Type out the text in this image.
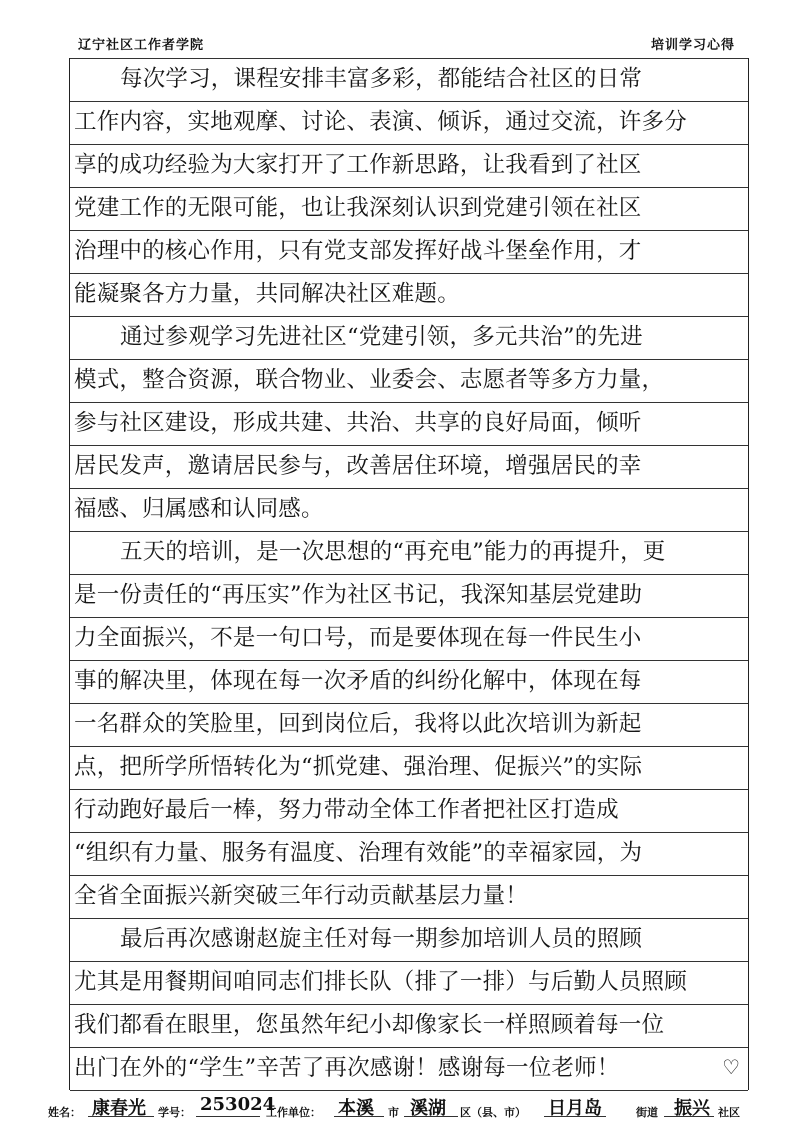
辽宁社区工作者学院	培训学习心得
每次学习，课程安排丰富多彩，都能结合社区的日常
工作内容，实地观摩、讨论、表演、倾诉，通过交流，许多分
享的成功经验为大家打开了工作新思路，让我看到了社区
党建工作的无限可能，也让我深刻认识到党建引领在社区
治理中的核心作用，只有党支部发挥好战斗堡垒作用，才
能凝聚各方力量，共同解决社区难题。
通过参观学习先进社区“党建引领，多元共治”的先进
模式，整合资源，联合物业、业委会、志愿者等多方力量，
参与社区建设，形成共建、共治、共享的良好局面，倾听
居民发声，邀请居民参与，改善居住环境，增强居民的幸
福感、归属感和认同感。
五天的培训，是一次思想的“再充电”能力的再提升，更
是一份责任的“再压实”作为社区书记，我深知基层党建助
力全面振兴，不是一句口号，而是要体现在每一件民生小
事的解决里，体现在每一次矛盾的纠纷化解中，体现在每
一名群众的笑脸里，回到岗位后，我将以此次培训为新起
点，把所学所悟转化为“抓党建、强治理、促振兴”的实际
行动跑好最后一棒，努力带动全体工作者把社区打造成
“组织有力量、服务有温度、治理有效能”的幸福家园，为
全省全面振兴新突破三年行动贡献基层力量！
最后再次感谢赵旋主任对每一期参加培训人员的照顾
尤其是用餐期间咱同志们排长队（排了一排）与后勤人员照顾
我们都看在眼里，您虽然年纪小却像家长一样照顾着每一位
出门在外的“学生”辛苦了再次感谢！感谢每一位老师！	♡
姓名： 康春光 学号： 253024
工作单位： 本溪 市 溪湖 区（县、市） 日月岛	街道 振兴 社区
